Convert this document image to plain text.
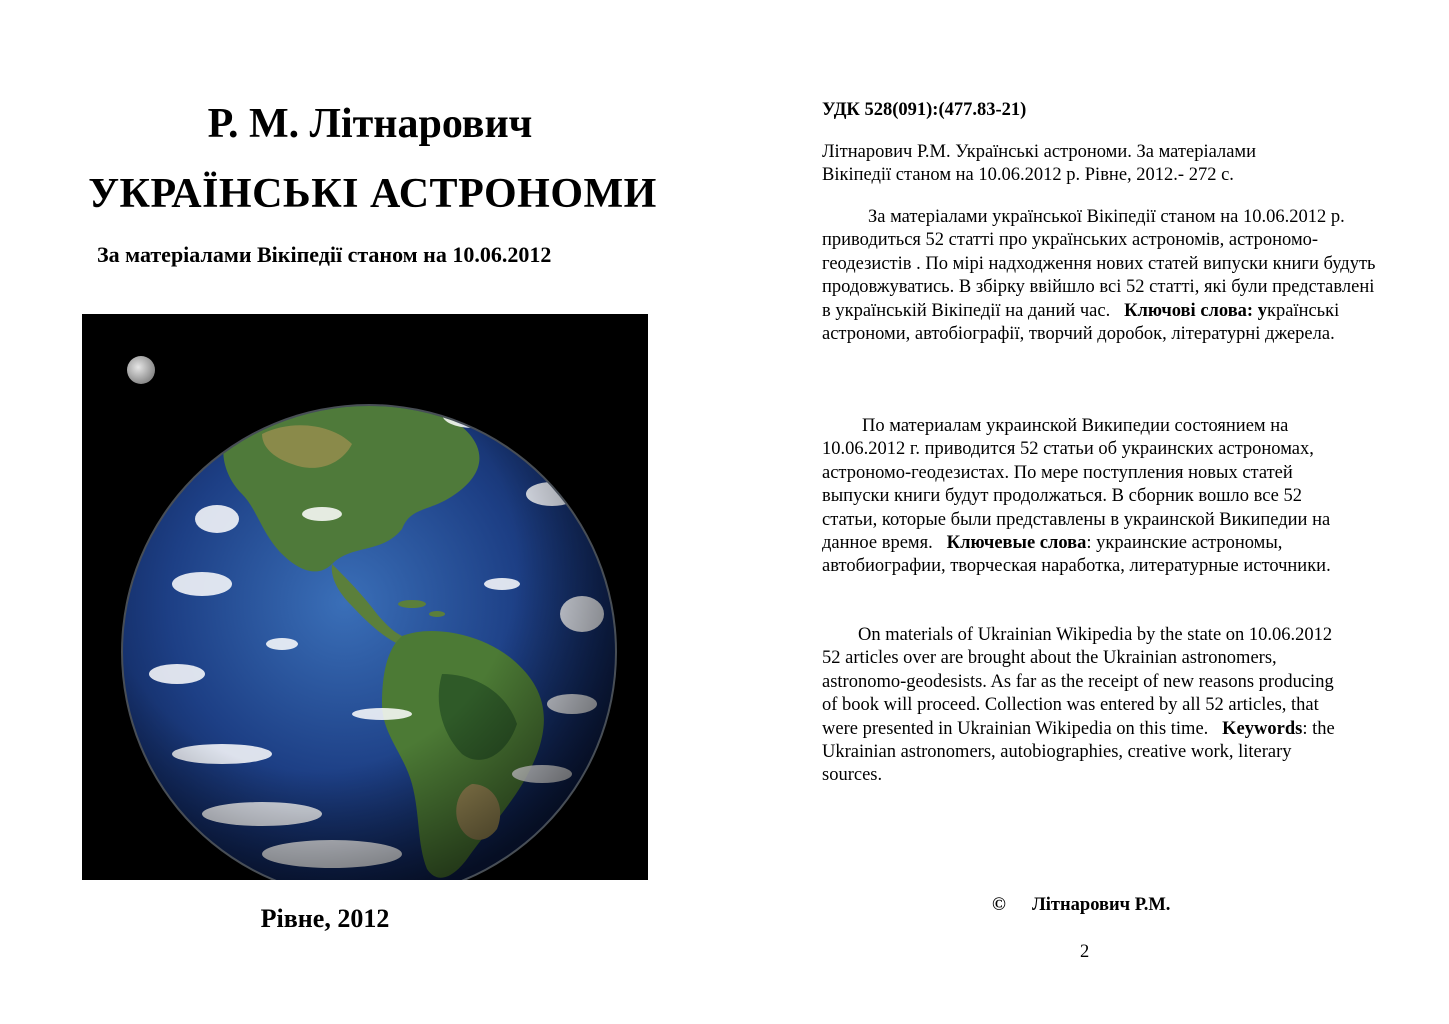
Р. М. Літнарович
УКРАЇНСЬКІ АСТРОНОМИ
За матеріалами Вікіпедії станом на 10.06.2012
Рівне, 2012
УДК 528(091):(477.83-21)

Літнарович Р.М. Українські астрономи. За матеріалами Вікіпедії станом на 10.06.2012 р. Рівне, 2012.- 272 с.

За матеріалами української Вікіпедії станом на 10.06.2012 р. приводиться 52 статті про українських астрономів, астрономо-геодезистів . По мірі надходження нових статей випуски книги будуть продовжуватись. В збірку ввійшло всі 52 статті, які були представлені в українській Вікіпедії на даний час. Ключові слова: українські астрономи, автобіографії, творчий доробок, літературні джерела.

По материалам украинской Википедии состоянием на 10.06.2012 г. приводится 52 статьи об украинских астрономах, астрономо-геодезистах. По мере поступления новых статей выпуски книги будут продолжаться. В сборник вошло все 52 статьи, которые были представлены в украинской Википедии на данное время. Ключевые слова: украинские астрономы, автобиографии, творческая наработка, литературные источники.

On materials of Ukrainian Wikipedia by the state on 10.06.2012 52 articles over are brought about the Ukrainian astronomers, astronomo-geodesists. As far as the receipt of new reasons producing of book will proceed. Collection was entered by all 52 articles, that were presented in Ukrainian Wikipedia on this time. Keywords: the Ukrainian astronomers, autobiographies, creative work, literary sources.

© Літнарович Р.М.
2
